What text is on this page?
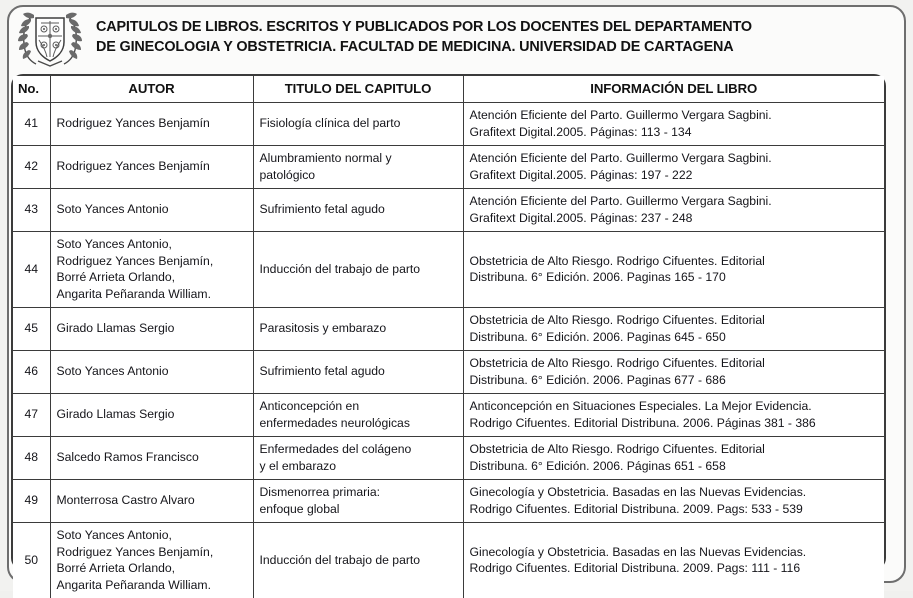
CAPITULOS DE LIBROS. ESCRITOS Y PUBLICADOS POR LOS DOCENTES DEL DEPARTAMENTO
DE GINECOLOGIA Y OBSTETRICIA. FACULTAD DE MEDICINA. UNIVERSIDAD DE CARTAGENA
No.	AUTOR	TITULO DEL CAPITULO	INFORMACIÓN DEL LIBRO

41	Rodriguez Yances Benjamín	Fisiología clínica del parto	Atención Eficiente del Parto. Guillermo Vergara Sagbini.
Grafitext Digital.2005. Páginas: 113 - 134

42	Rodriguez Yances Benjamín	Alumbramiento normal y
patológico	Atención Eficiente del Parto. Guillermo Vergara Sagbini.
Grafitext Digital.2005. Páginas: 197 - 222

43	Soto Yances Antonio	Sufrimiento fetal agudo	Atención Eficiente del Parto. Guillermo Vergara Sagbini.
Grafitext Digital.2005. Páginas: 237 - 248

44	Soto Yances Antonio,
Rodriguez Yances Benjamín,
Borré Arrieta Orlando,
Angarita Peñaranda William.	Inducción del trabajo de parto	Obstetricia de Alto Riesgo. Rodrigo Cifuentes. Editorial
Distribuna. 6° Edición. 2006. Paginas 165 - 170

45	Girado Llamas Sergio	Parasitosis y embarazo	Obstetricia de Alto Riesgo. Rodrigo Cifuentes. Editorial
Distribuna. 6° Edición. 2006. Paginas 645 - 650

46	Soto Yances Antonio	Sufrimiento fetal agudo	Obstetricia de Alto Riesgo. Rodrigo Cifuentes. Editorial
Distribuna. 6° Edición. 2006. Paginas 677 - 686

47	Girado Llamas Sergio	Anticoncepción en
enfermedades neurológicas	Anticoncepción en Situaciones Especiales. La Mejor Evidencia.
Rodrigo Cifuentes. Editorial Distribuna. 2006. Páginas 381 - 386

48	Salcedo Ramos Francisco	Enfermedades del colágeno
y el embarazo	Obstetricia de Alto Riesgo. Rodrigo Cifuentes. Editorial
Distribuna. 6° Edición. 2006. Páginas 651 - 658

49	Monterrosa Castro Alvaro	Dismenorrea primaria:
enfoque global	Ginecología y Obstetricia. Basadas en las Nuevas Evidencias.
Rodrigo Cifuentes. Editorial Distribuna. 2009. Pags: 533 - 539

50	Soto Yances Antonio,
Rodriguez Yances Benjamín,
Borré Arrieta Orlando,
Angarita Peñaranda William.	Inducción del trabajo de parto	Ginecología y Obstetricia. Basadas en las Nuevas Evidencias.
Rodrigo Cifuentes. Editorial Distribuna. 2009. Pags: 111 - 116
